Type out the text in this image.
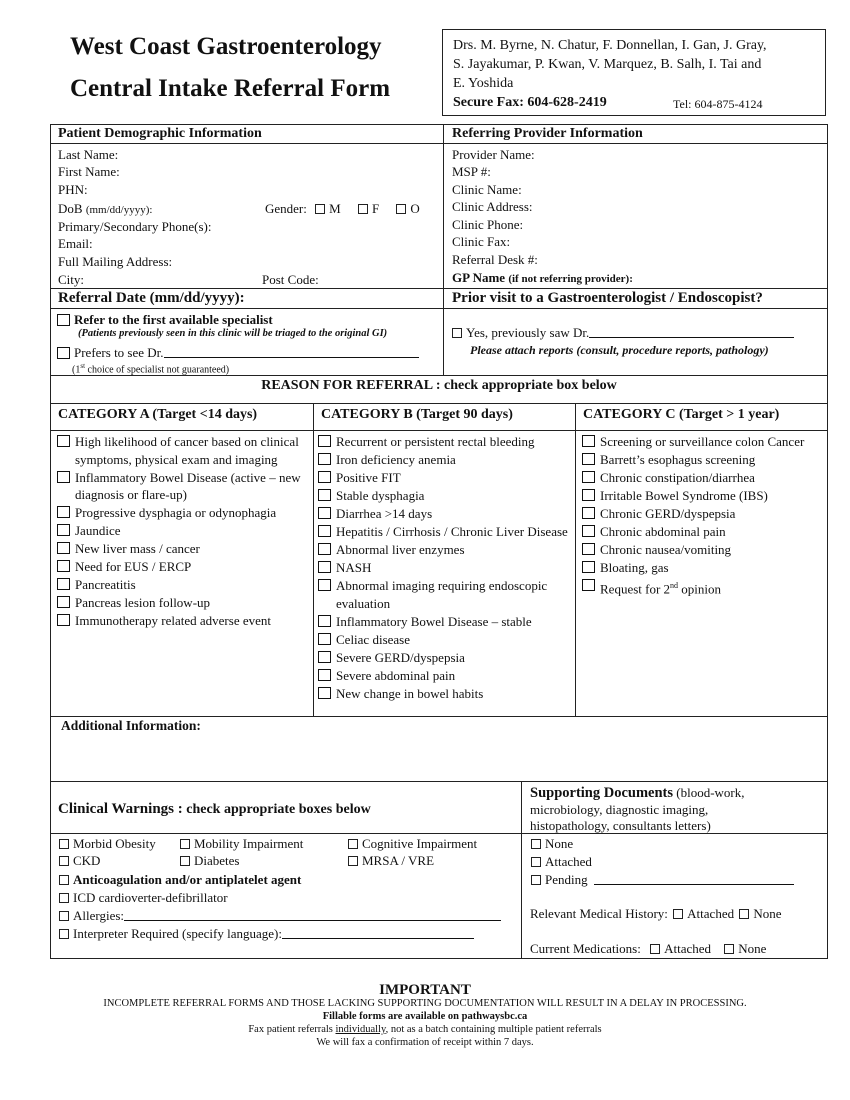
West Coast Gastroenterology
Central Intake Referral Form
Drs. M. Byrne, N. Chatur, F. Donnellan, I. Gan, J. Gray,
S. Jayakumar, P. Kwan, V. Marquez, B. Salh, I. Tai and
E. Yoshida
Secure Fax: 604-628-2419	Tel: 604-875-4124
Patient Demographic Information
Last Name:
First Name:
PHN:
DoB (mm/dd/yyyy):	Gender: M F O
Primary/Secondary Phone(s):
Email:
Full Mailing Address:
City:	Post Code:
Referring Provider Information
Provider Name:
MSP #:
Clinic Name:
Clinic Address:
Clinic Phone:
Clinic Fax:
Referral Desk #:
GP Name (if not referring provider):
Referral Date (mm/dd/yyyy):	Prior visit to a Gastroenterologist / Endoscopist?
Refer to the first available specialist
(Patients previously seen in this clinic will be triaged to the original GI)
Prefers to see Dr.
(1st choice of specialist not guaranteed)
Yes, previously saw Dr.
Please attach reports (consult, procedure reports, pathology)
REASON FOR REFERRAL : check appropriate box below
CATEGORY A (Target <14 days)	CATEGORY B (Target 90 days)	CATEGORY C (Target > 1 year)
High likelihood of cancer based on clinical symptoms, physical exam and imaging
Inflammatory Bowel Disease (active – new diagnosis or flare-up)
Progressive dysphagia or odynophagia
Jaundice
New liver mass / cancer
Need for EUS / ERCP
Pancreatitis
Pancreas lesion follow-up
Immunotherapy related adverse event
Recurrent or persistent rectal bleeding
Iron deficiency anemia
Positive FIT
Stable dysphagia
Diarrhea >14 days
Hepatitis / Cirrhosis / Chronic Liver Disease
Abnormal liver enzymes
NASH
Abnormal imaging requiring endoscopic evaluation
Inflammatory Bowel Disease – stable
Celiac disease
Severe GERD/dyspepsia
Severe abdominal pain
New change in bowel habits
Screening or surveillance colon Cancer
Barrett’s esophagus screening
Chronic constipation/diarrhea
Irritable Bowel Syndrome (IBS)
Chronic GERD/dyspepsia
Chronic abdominal pain
Chronic nausea/vomiting
Bloating, gas
Request for 2nd opinion
Additional Information:
Clinical Warnings : check appropriate boxes below
Morbid Obesity	Mobility Impairment	Cognitive Impairment
CKD	Diabetes	MRSA / VRE
Anticoagulation and/or antiplatelet agent
ICD cardioverter-defibrillator
Allergies:
Interpreter Required (specify language):
Supporting Documents (blood-work,
microbiology, diagnostic imaging,
histopathology, consultants letters)
None
Attached
Pending
Relevant Medical History: Attached None
Current Medications: Attached None
IMPORTANT
INCOMPLETE REFERRAL FORMS AND THOSE LACKING SUPPORTING DOCUMENTATION WILL RESULT IN A DELAY IN PROCESSING.
Fillable forms are available on pathwaysbc.ca
Fax patient referrals individually, not as a batch containing multiple patient referrals
We will fax a confirmation of receipt within 7 days.
